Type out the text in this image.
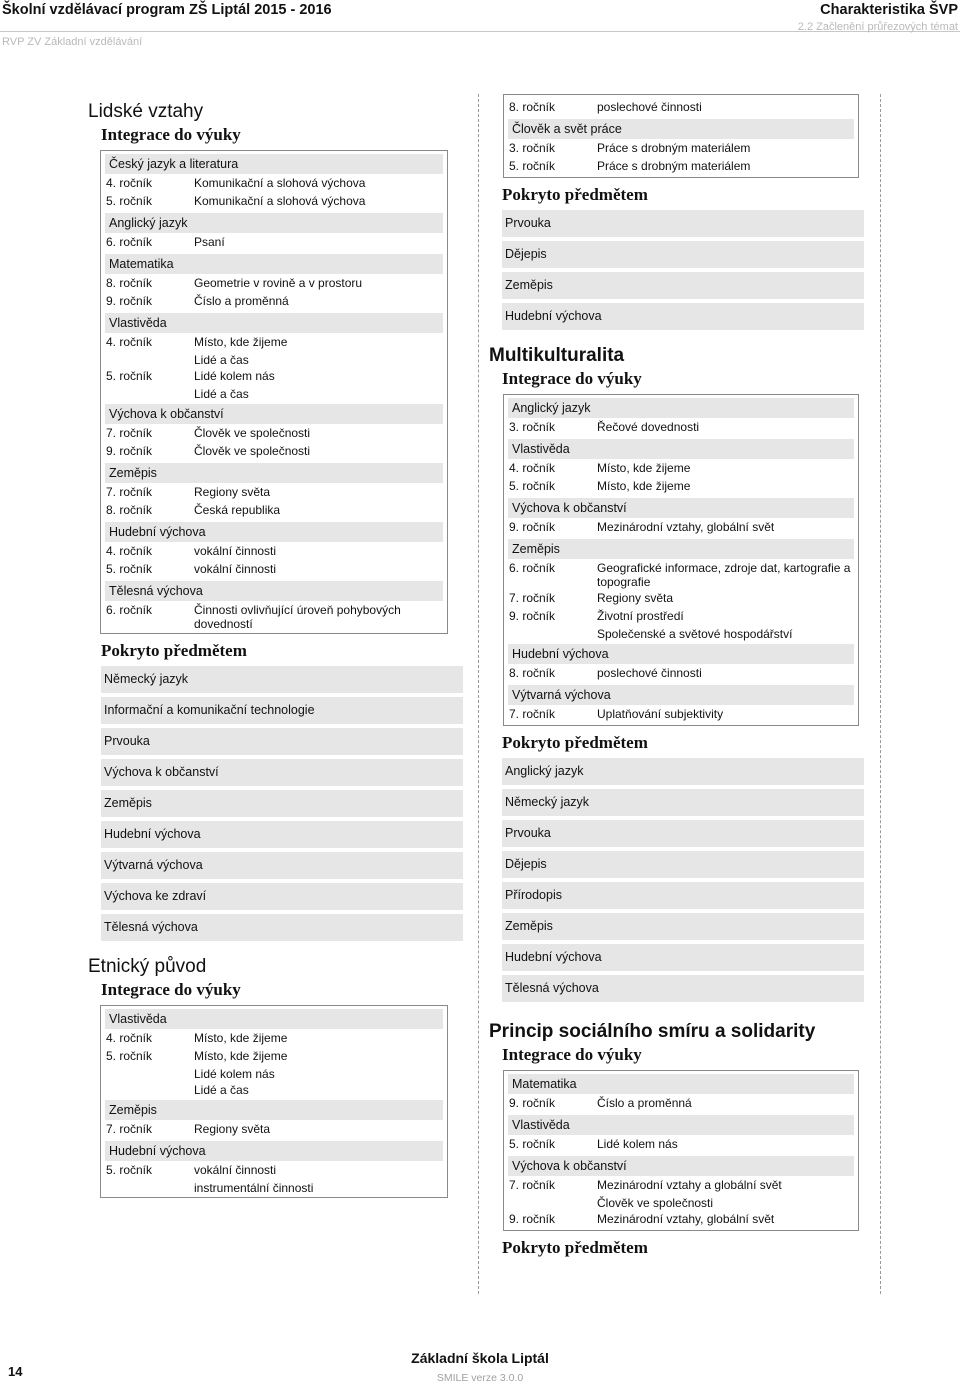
Školní vzdělávací program ZŠ Liptál 2015 - 2016	Charakteristika ŠVP
RVP ZV Základní vzdělávání
2.2 Začlenění průřezových témat
Lidské vztahy
Integrace do výuky
Český jazyk a literatura
4. ročník	Komunikační a slohová výchova
5. ročník	Komunikační a slohová výchova
Anglický jazyk
6. ročník	Psaní
Matematika
8. ročník	Geometrie v rovině a v prostoru
9. ročník	Číslo a proměnná
Vlastivěda
4. ročník	Místo, kde žijeme
Lidé a čas
5. ročník	Lidé kolem nás
Lidé a čas
Výchova k občanství
7. ročník	Člověk ve společnosti
9. ročník	Člověk ve společnosti
Zeměpis
7. ročník	Regiony světa
8. ročník	Česká republika
Hudební výchova
4. ročník	vokální činnosti
5. ročník	vokální činnosti
Tělesná výchova
6. ročník	Činnosti ovlivňující úroveň pohybových dovedností
Pokryto předmětem
Německý jazyk
Informační a komunikační technologie
Prvouka
Výchova k občanství
Zeměpis
Hudební výchova
Výtvarná výchova
Výchova ke zdraví
Tělesná výchova
Etnický původ
Integrace do výuky
Vlastivěda
4. ročník	Místo, kde žijeme
5. ročník	Místo, kde žijeme
Lidé kolem nás
Lidé a čas
Zeměpis
7. ročník	Regiony světa
Hudební výchova
5. ročník	vokální činnosti
instrumentální činnosti
8. ročník	poslechové činnosti
Člověk a svět práce
3. ročník	Práce s drobným materiálem
5. ročník	Práce s drobným materiálem
Pokryto předmětem
Prvouka
Dějepis
Zeměpis
Hudební výchova
Multikulturalita
Integrace do výuky
Anglický jazyk
3. ročník	Řečové dovednosti
Vlastivěda
4. ročník	Místo, kde žijeme
5. ročník	Místo, kde žijeme
Výchova k občanství
9. ročník	Mezinárodní vztahy, globální svět
Zeměpis
6. ročník	Geografické informace, zdroje dat, kartografie a topografie
7. ročník	Regiony světa
9. ročník	Životní prostředí
Společenské a světové hospodářství
Hudební výchova
8. ročník	poslechové činnosti
Výtvarná výchova
7. ročník	Uplatňování subjektivity
Pokryto předmětem
Anglický jazyk
Německý jazyk
Prvouka
Dějepis
Přírodopis
Zeměpis
Hudební výchova
Tělesná výchova
Princip sociálního smíru a solidarity
Integrace do výuky
Matematika
9. ročník	Číslo a proměnná
Vlastivěda
5. ročník	Lidé kolem nás
Výchova k občanství
7. ročník	Mezinárodní vztahy a globální svět
Člověk ve společnosti
9. ročník	Mezinárodní vztahy, globální svět
Pokryto předmětem
14
Základní škola Liptál
SMILE verze 3.0.0
